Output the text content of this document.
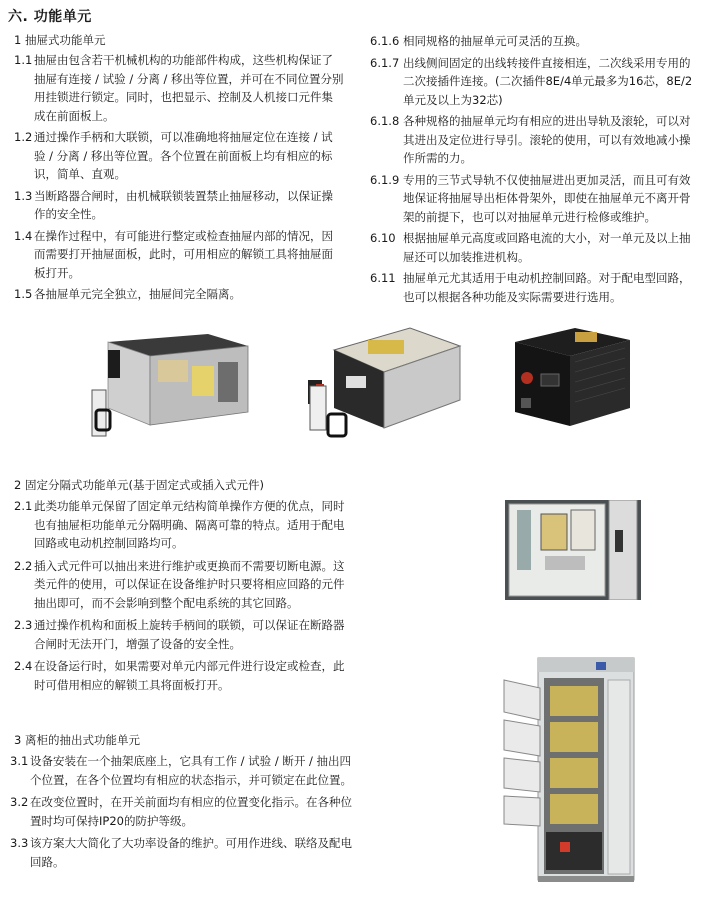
六. 功能单元
1 抽屉式功能单元
1.1 抽屉由包含若干机械机构的功能部件构成，这些机构保证了抽屉有连接 / 试验 / 分离 / 移出等位置，并可在不同位置分别用挂锁进行锁定。同时，也把显示、控制及人机接口元件集成在前面板上。
1.2 通过操作手柄和大联锁，可以准确地将抽屉定位在连接 / 试验 / 分离 / 移出等位置。各个位置在前面板上均有相应的标识，简单、直观。
1.3 当断路器合闸时，由机械联锁装置禁止抽屉移动，以保证操作的安全性。
1.4 在操作过程中，有可能进行整定或检查抽屉内部的情况，因而需要打开抽屉面板，此时，可用相应的解锁工具将抽屉面板打开。
1.5 各抽屉单元完全独立，抽屉间完全隔离。
6.1.6 相同规格的抽屉单元可灵活的互换。
6.1.7 出线侧间固定的出线转接件直接相连，二次线采用专用的二次接插件连接。(二次插件8E/4单元最多为16芯，8E/2单元及以上为32芯)
6.1.8 各种规格的抽屉单元均有相应的进出导轨及滚轮，可以对其进出及定位进行导引。滚轮的使用，可以有效地减小操作所需的力。
6.1.9 专用的三节式导轨不仅使抽屉进出更加灵活，而且可有效地保证将抽屉导出柜体骨架外，即使在抽屉单元不离开骨架的前提下，也可以对抽屉单元进行检修或维护。
6.10 根据抽屉单元高度或回路电流的大小，对一单元及以上抽屉还可以加装推进机构。
6.11 抽屉单元尤其适用于电动机控制回路。对于配电型回路，也可以根据各种功能及实际需要进行选用。
2 固定分隔式功能单元(基于固定式或插入式元件)
2.1 此类功能单元保留了固定单元结构简单操作方便的优点，同时也有抽屉柜功能单元分隔明确、隔离可靠的特点。适用于配电回路或电动机控制回路均可。
2.2 插入式元件可以抽出来进行维护或更换而不需要切断电源。这类元件的使用，可以保证在设备维护时只要将相应回路的元件抽出即可，而不会影响到整个配电系统的其它回路。
2.3 通过操作机构和面板上旋转手柄间的联锁，可以保证在断路器合闸时无法开门，增强了设备的安全性。
2.4 在设备运行时，如果需要对单元内部元件进行设定或检查，此时可借用相应的解锁工具将面板打开。
3 离柜的抽出式功能单元
3.1 设备安装在一个抽架底座上，它具有工作 / 试验 / 断开 / 抽出四个位置，在各个位置均有相应的状态指示，并可锁定在此位置。
3.2 在改变位置时，在开关前面均有相应的位置变化指示。在各种位置时均可保持IP20的防护等级。
3.3 该方案大大简化了大功率设备的维护。可用作进线、联络及配电回路。
